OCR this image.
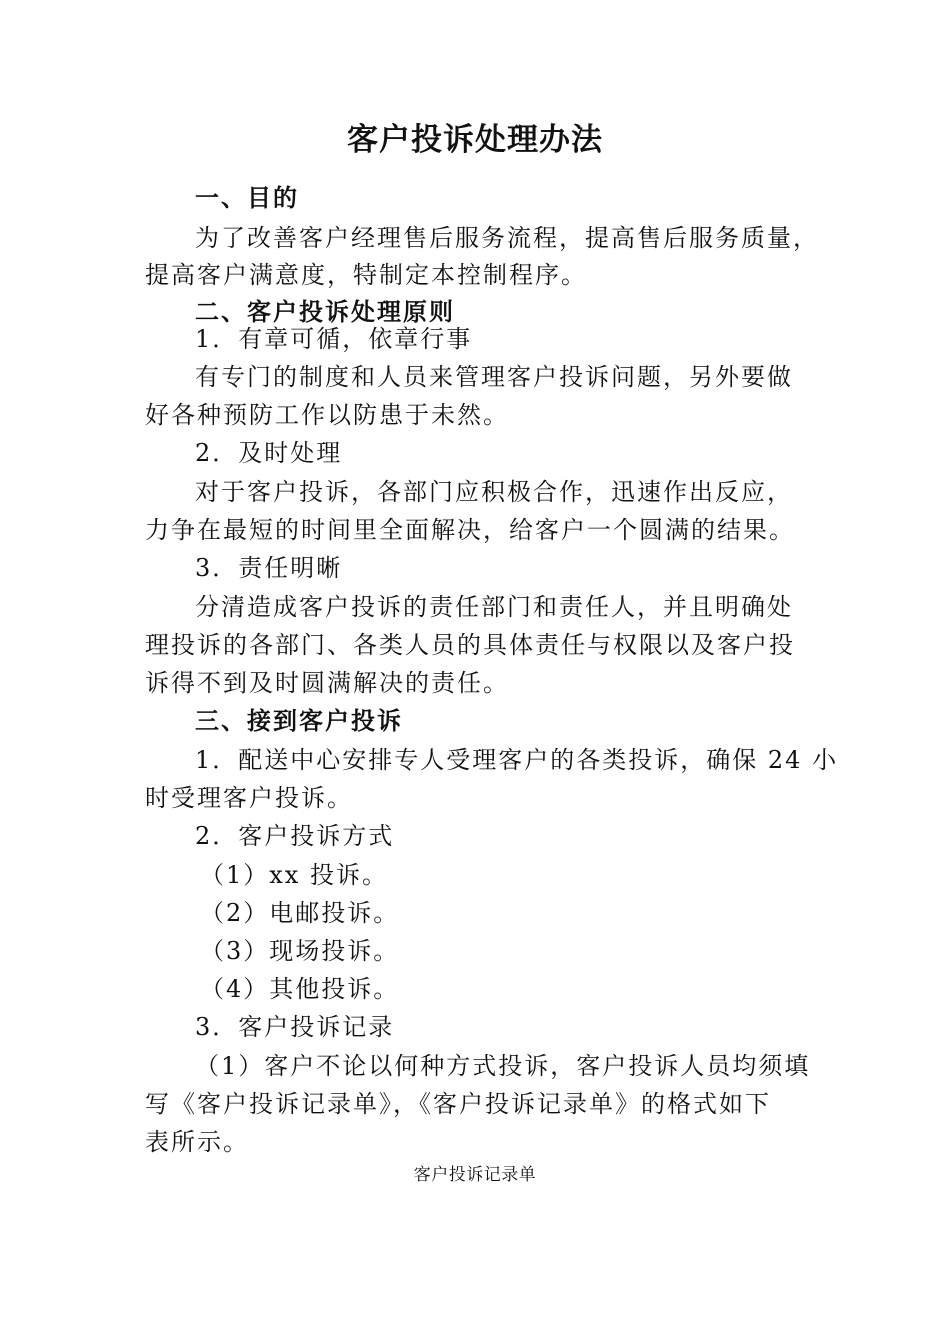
客户投诉处理办法
一、目的
为了改善客户经理售后服务流程，提高售后服务质量，
提高客户满意度，特制定本控制程序。
二、客户投诉处理原则
1．有章可循，依章行事
有专门的制度和人员来管理客户投诉问题，另外要做
好各种预防工作以防患于未然。
2．及时处理
对于客户投诉，各部门应积极合作，迅速作出反应，
力争在最短的时间里全面解决，给客户一个圆满的结果。
3．责任明晰
分清造成客户投诉的责任部门和责任人，并且明确处
理投诉的各部门、各类人员的具体责任与权限以及客户投
诉得不到及时圆满解决的责任。
三、接到客户投诉
1．配送中心安排专人受理客户的各类投诉，确保 24 小
时受理客户投诉。
2．客户投诉方式
（1）xx 投诉。
（2）电邮投诉。
（3）现场投诉。
（4）其他投诉。
3．客户投诉记录
（1）客户不论以何种方式投诉，客户投诉人员均须填
写《客户投诉记录单》，《客户投诉记录单》的格式如下
表所示。
客户投诉记录单
